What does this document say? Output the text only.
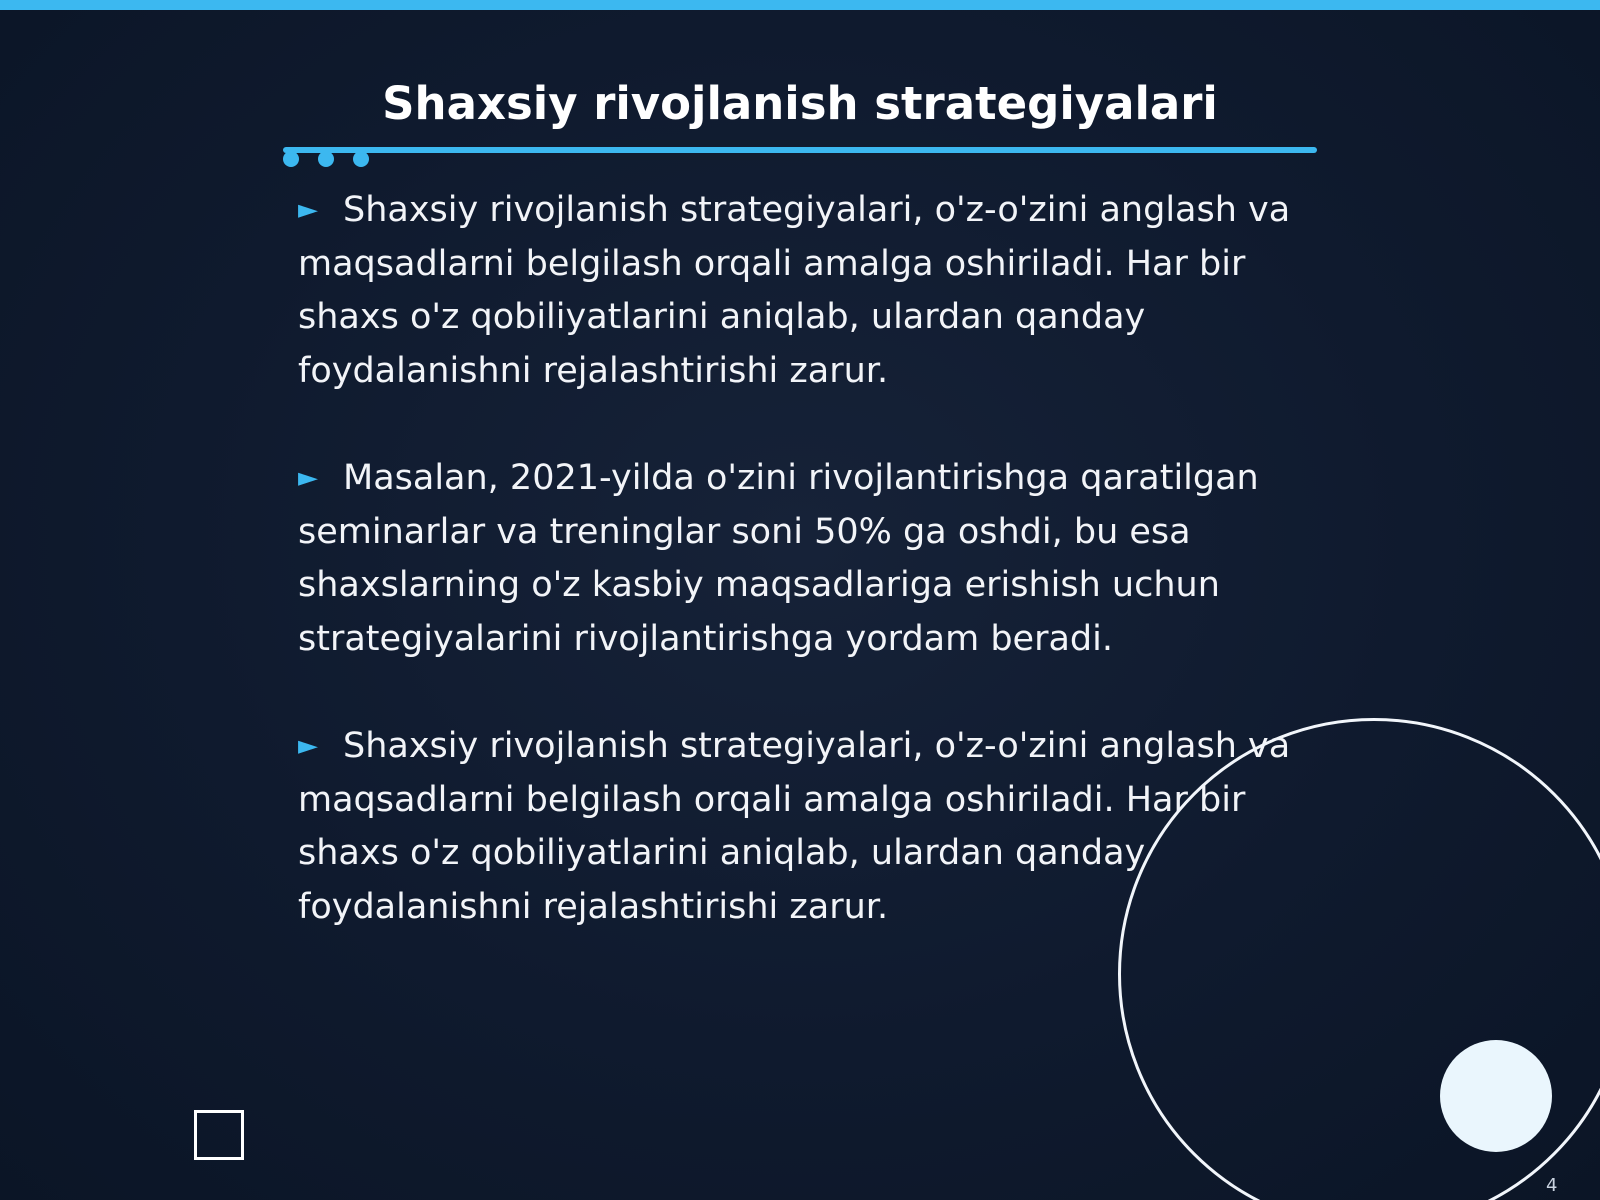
Shaxsiy rivojlanish strategiyalari

► Shaxsiy rivojlanish strategiyalari, o'z-o'zini anglash va maqsadlarni belgilash orqali amalga oshiriladi. Har bir shaxs o'z qobiliyatlarini aniqlab, ulardan qanday foydalanishni rejalashtirishi zarur.

► Masalan, 2021-yilda o'zini rivojlantirishga qaratilgan seminarlar va treninglar soni 50% ga oshdi, bu esa shaxslarning o'z kasbiy maqsadlariga erishish uchun strategiyalarini rivojlantirishga yordam beradi.

► Shaxsiy rivojlanish strategiyalari, o'z-o'zini anglash va maqsadlarni belgilash orqali amalga oshiriladi. Har bir shaxs o'z qobiliyatlarini aniqlab, ulardan qanday foydalanishni rejalashtirishi zarur.

4
